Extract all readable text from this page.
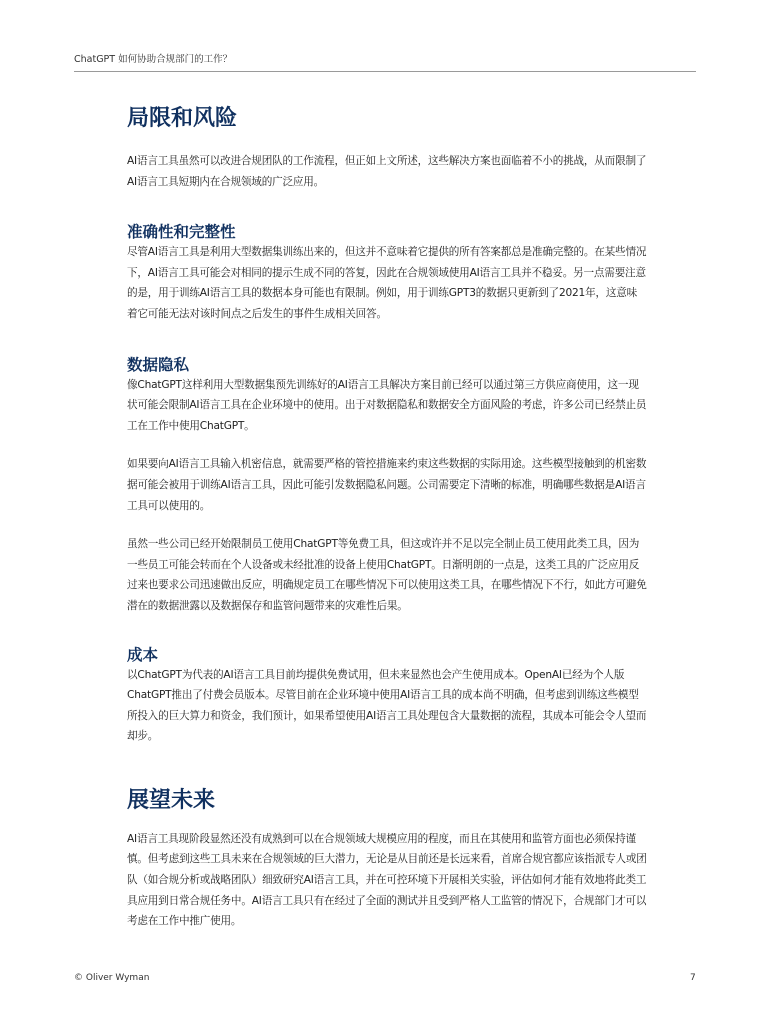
ChatGPT 如何协助合规部门的工作？
局限和风险

AI语言工具虽然可以改进合规团队的工作流程，但正如上文所述，这些解决方案也面临着不小的挑战，从而限制了AI语言工具短期内在合规领域的广泛应用。

准确性和完整性

尽管AI语言工具是利用大型数据集训练出来的，但这并不意味着它提供的所有答案都总是准确完整的。在某些情况下，AI语言工具可能会对相同的提示生成不同的答复，因此在合规领域使用AI语言工具并不稳妥。另一点需要注意的是，用于训练AI语言工具的数据本身可能也有限制。例如，用于训练GPT3的数据只更新到了2021年，这意味着它可能无法对该时间点之后发生的事件生成相关回答。

数据隐私

像ChatGPT这样利用大型数据集预先训练好的AI语言工具解决方案目前已经可以通过第三方供应商使用，这一现状可能会限制AI语言工具在企业环境中的使用。出于对数据隐私和数据安全方面风险的考虑，许多公司已经禁止员工在工作中使用ChatGPT。

如果要向AI语言工具输入机密信息，就需要严格的管控措施来约束这些数据的实际用途。这些模型接触到的机密数据可能会被用于训练AI语言工具，因此可能引发数据隐私问题。公司需要定下清晰的标准，明确哪些数据是AI语言工具可以使用的。

虽然一些公司已经开始限制员工使用ChatGPT等免费工具，但这或许并不足以完全制止员工使用此类工具，因为一些员工可能会转而在个人设备或未经批准的设备上使用ChatGPT。日渐明朗的一点是，这类工具的广泛应用反过来也要求公司迅速做出反应，明确规定员工在哪些情况下可以使用这类工具，在哪些情况下不行，如此方可避免潜在的数据泄露以及数据保存和监管问题带来的灾难性后果。

成本

以ChatGPT为代表的AI语言工具目前均提供免费试用，但未来显然也会产生使用成本。OpenAI已经为个人版ChatGPT推出了付费会员版本。尽管目前在企业环境中使用AI语言工具的成本尚不明确，但考虑到训练这些模型所投入的巨大算力和资金，我们预计，如果希望使用AI语言工具处理包含大量数据的流程，其成本可能会令人望而却步。

展望未来

AI语言工具现阶段显然还没有成熟到可以在合规领域大规模应用的程度，而且在其使用和监管方面也必须保持谨慎。但考虑到这些工具未来在合规领域的巨大潜力，无论是从目前还是长远来看，首席合规官都应该指派专人或团队（如合规分析或战略团队）细致研究AI语言工具，并在可控环境下开展相关实验，评估如何才能有效地将此类工具应用到日常合规任务中。AI语言工具只有在经过了全面的测试并且受到严格人工监管的情况下，合规部门才可以考虑在工作中推广使用。

© Oliver Wyman	7
